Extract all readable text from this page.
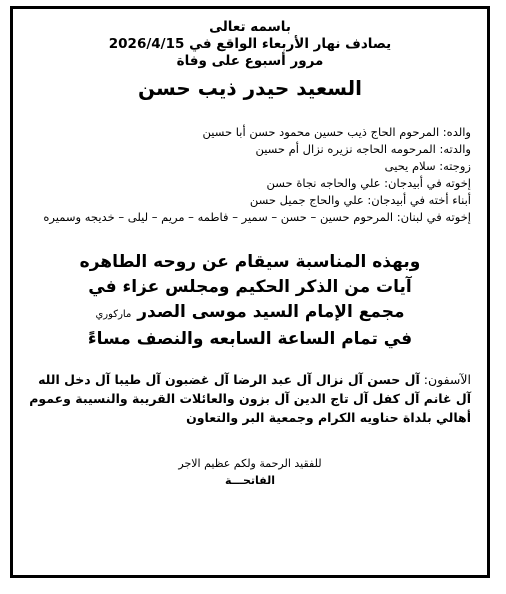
باسمه تعالى
يصادف نهار الأربعاء الواقع في 2026/4/15
مرور أسبوع على وفاة
السعيد حيدر ذيب حسن
والده: المرحوم الحاج ذيب حسين محمود حسن أبا حسين
والدته: المرحومه الحاجه نزيره نزال أم حسين
زوجته: سلام يحيى
إخوته في أبيدجان: علي والحاجه نجاة حسن
أبناء أخته في أبيدجان: علي والحاج جميل حسن
إخوته في لبنان: المرحوم حسين – حسن – سمير – فاطمه – مريم – ليلى – خديجه وسميره
وبهذه المناسبة سيقام عن روحه الطاهره
آيات من الذكر الحكيم ومجلس عزاء في
مجمع الإمام السيد موسى الصدر ماركوري
في تمام الساعة السابعه والنصف مساءً
الآسفون: آل حسن آل نزال آل عبد الرضا آل غضبون آل طيبا آل دخل الله آل غانم آل كفل آل تاج الدين آل بزون والعائلات القريبة والنسيبة وعموم أهالي بلداة حناويه الكرام وجمعية البر والتعاون
للفقيد الرحمة ولكم عظيم الاجر
الفاتحـــة
